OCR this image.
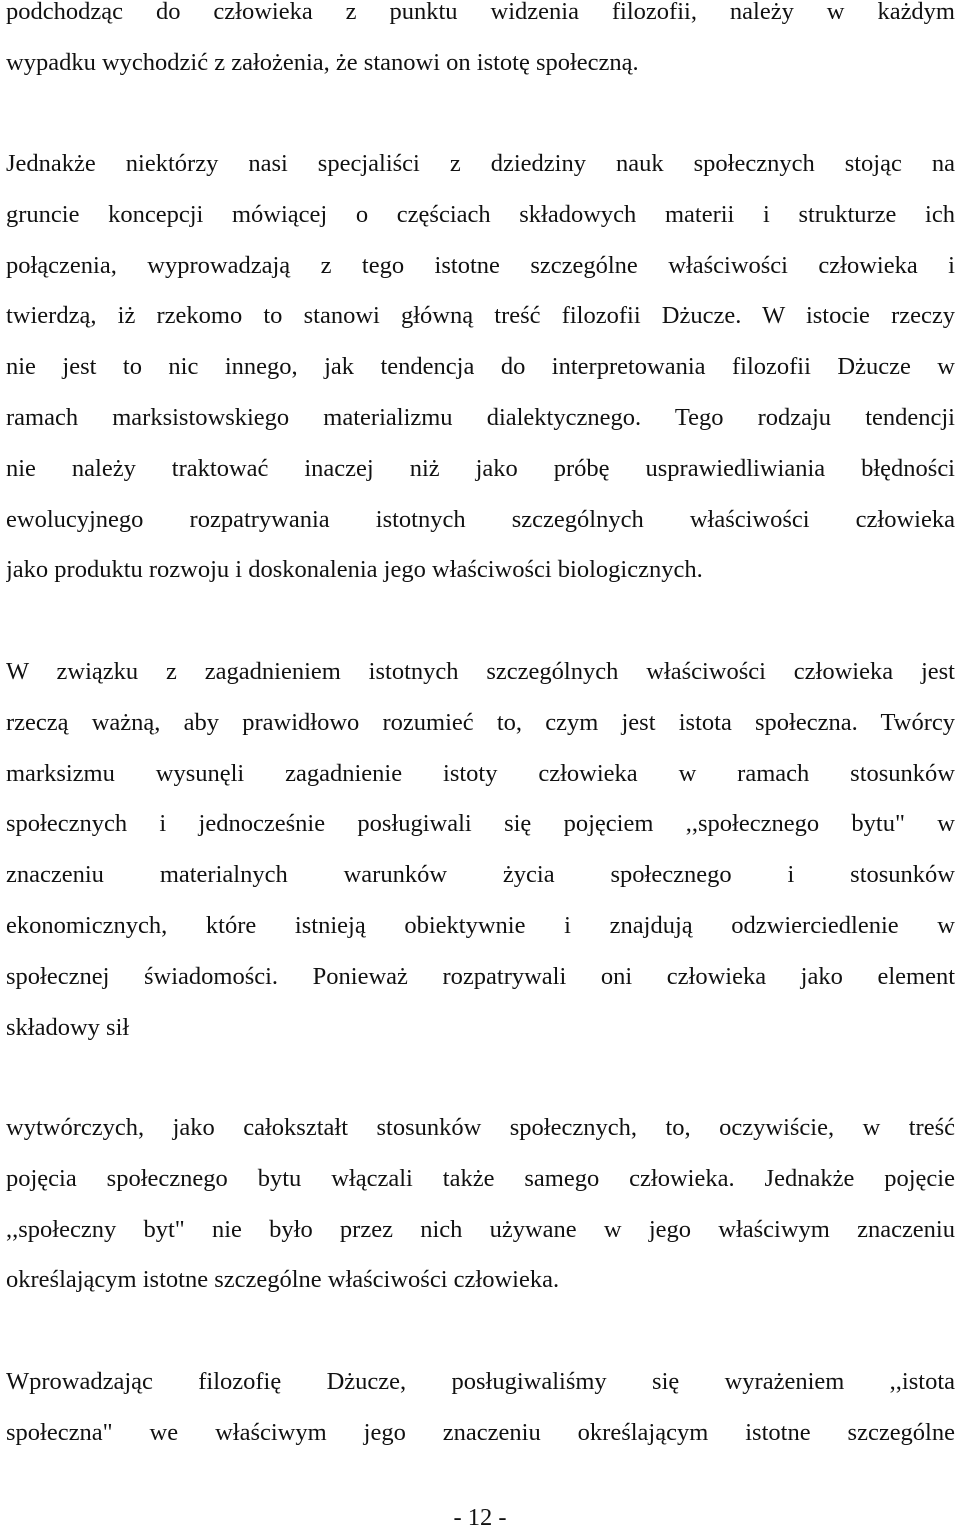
podchodząc do człowieka z punktu widzenia filozofii, należy w każdym
wypadku wychodzić z założenia, że stanowi on istotę społeczną.
Jednakże niektórzy nasi specjaliści z dziedziny nauk społecznych stojąc na
gruncie koncepcji mówiącej o częściach składowych materii i strukturze ich
połączenia, wyprowadzają z tego istotne szczególne właściwości człowieka i
twierdzą, iż rzekomo to stanowi główną treść filozofii Dżucze. W istocie rzeczy
nie jest to nic innego, jak tendencja do interpretowania filozofii Dżucze w
ramach marksistowskiego materializmu dialektycznego. Tego rodzaju tendencji
nie należy traktować inaczej niż jako próbę usprawiedliwiania błędności
ewolucyjnego rozpatrywania istotnych szczególnych właściwości człowieka
jako produktu rozwoju i doskonalenia jego właściwości biologicznych.
W związku z zagadnieniem istotnych szczególnych właściwości człowieka jest
rzeczą ważną, aby prawidłowo rozumieć to, czym jest istota społeczna. Twórcy
marksizmu wysunęli zagadnienie istoty człowieka w ramach stosunków
społecznych i jednocześnie posługiwali się pojęciem ,,społecznego bytu" w
znaczeniu materialnych warunków życia społecznego i stosunków
ekonomicznych, które istnieją obiektywnie i znajdują odzwierciedlenie w
społecznej świadomości. Ponieważ rozpatrywali oni człowieka jako element
składowy sił
wytwórczych, jako całokształt stosunków społecznych, to, oczywiście, w treść
pojęcia społecznego bytu włączali także samego człowieka. Jednakże pojęcie
,,społeczny byt" nie było przez nich używane w jego właściwym znaczeniu
określającym istotne szczególne właściwości człowieka.
Wprowadzając filozofię Dżucze, posługiwaliśmy się wyrażeniem ,,istota
społeczna" we właściwym jego znaczeniu określającym istotne szczególne
- 12 -
